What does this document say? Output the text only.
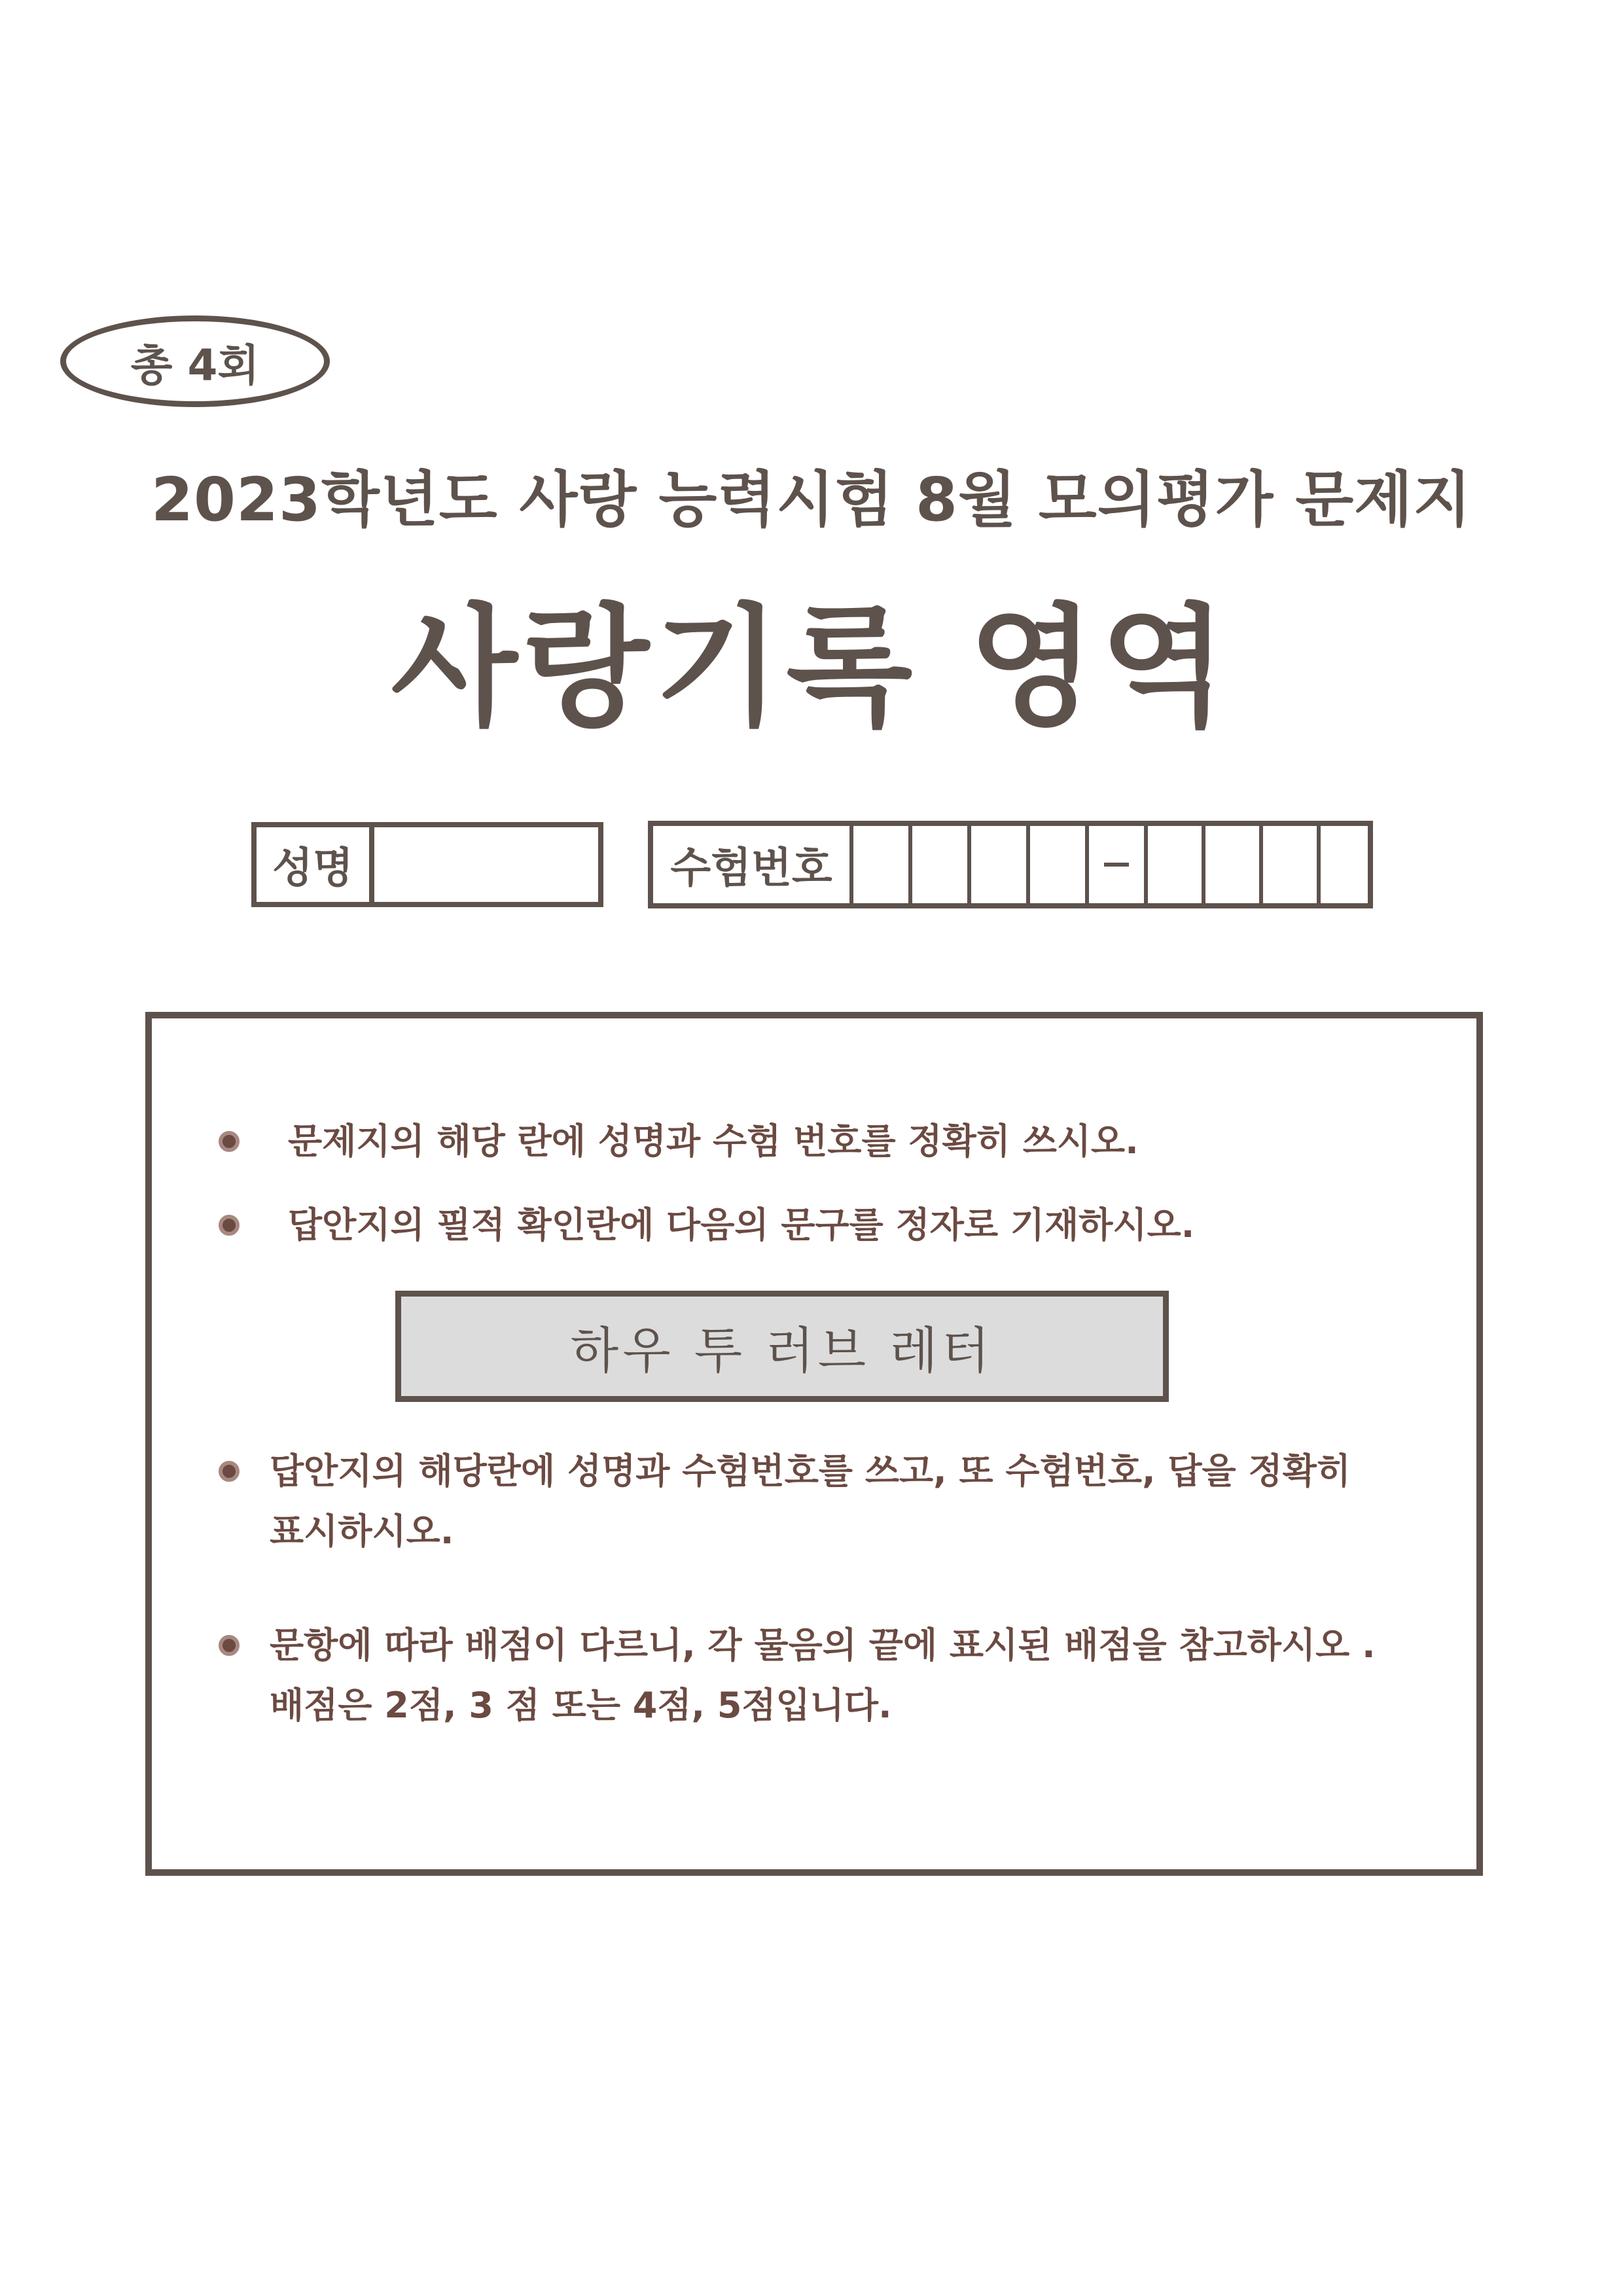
총 4회
2023학년도 사랑 능력시험 8월 모의평가 문제지
사랑기록 영역
성명	수험번호
문제지의 해당 란에 성명과 수험 번호를 정확히 쓰시오.
답안지의 필적 확인란에 다음의 문구를 정자로 기재하시오.
하우 투 러브 레터
답안지의 해당란에 성명과 수험번호를 쓰고, 또 수험번호, 답을 정확히
표시하시오.
문항에 따라 배점이 다르니, 각 물음의 끝에 표시된 배점을 참고하시오 .
배점은 2점, 3 점 또는 4점, 5점입니다.
